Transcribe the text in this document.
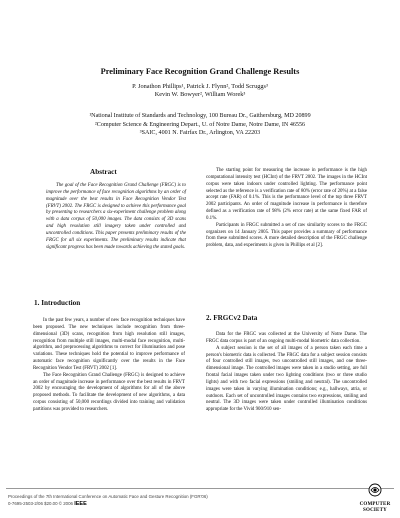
Preliminary Face Recognition Grand Challenge Results
P. Jonathon Phillips¹, Patrick J. Flynn², Todd Scruggs³
Kevin W. Bowyer², William Worek³
¹National Institute of Standards and Technology, 100 Bureau Dr., Gaithersburg, MD 20899
²Computer Science & Engineering Depart., U. of Notre Dame, Notre Dame, IN 46556
³SAIC, 4001 N. Fairfax Dr., Arlington, VA 22203
Abstract

The goal of the Face Recognition Grand Challenge (FRGC) is to improve the performance of face recognition algorithms by an order of magnitude over the best results in Face Recognition Vendor Test (FRVT) 2002. The FRGC is designed to achieve this performance goal by presenting to researchers a six-experiment challenge problem along with a data corpus of 50,000 images. The data consists of 3D scans and high resolution still imagery taken under controlled and uncontrolled conditions. This paper presents preliminary results of the FRGC for all six experiments. The preliminary results indicate that significant progress has been made towards achieving the stated goals.

1. Introduction

In the past few years, a number of new face recognition techniques have been proposed. The new techniques include recognition from three-dimensional (3D) scans, recognition from high resolution still images, recognition from multiple still images, multi-modal face recognition, multi-algorithm, and preprocessing algorithms to correct for illumination and pose variations. These techniques hold the potential to improve performance of automatic face recognition significantly over the results in the Face Recognition Vendor Test (FRVT) 2002 [1].

The Face Recognition Grand Challenge (FRGC) is designed to achieve an order of magnitude increase in performance over the best results in FRVT 2002 by encouraging the development of algorithms for all of the above proposed methods. To facilitate the development of new algorithms, a data corpus consisting of 50,000 recordings divided into training and validation partitions was provided to researchers.

The starting point for measuring the increase in performance is the high computational intensity test (HCInt) of the FRVT 2002. The images in the HCInt corpus were taken indoors under controlled lighting. The performance point selected as the reference is a verification rate of 80% (error rate of 20%) at a false accept rate (FAR) of 0.1%. This is the performance level of the top three FRVT 2002 participants. An order of magnitude increase in performance is therefore defined as a verification rate of 98% (2% error rate) at the same fixed FAR of 0.1%.

Participants in FRGC submitted a set of raw similarity scores to the FRGC organizers on 14 January 2005. This paper provides a summary of performance from these submitted scores. A more detailed description of the FRGC challenge problem, data, and experiments is given in Phillips et al [2].

2. FRGCv2 Data

Data for the FRGC was collected at the University of Notre Dame. The FRGC data corpus is part of an ongoing multi-modal biometric data collection.

A subject session is the set of all images of a person taken each time a person's biometric data is collected. The FRGC data for a subject session consists of four controlled still images, two uncontrolled still images, and one three-dimensional image. The controlled images were taken in a studio setting, are full frontal facial images taken under two lighting conditions (two or three studio lights) and with two facial expressions (smiling and neutral). The uncontrolled images were taken in varying illumination conditions; e.g., hallways, atria, or outdoors. Each set of uncontrolled images contains two expressions, smiling and neutral. The 3D images were taken under controlled illumination conditions appropriate for the Vivid 900/910 sen-

Proceedings of the 7th International Conference on Automatic Face and Gesture Recognition (FGR'06)
0-7695-2503-2/06 $20.00 © 2006 IEEE	COMPUTER
SOCIETY
